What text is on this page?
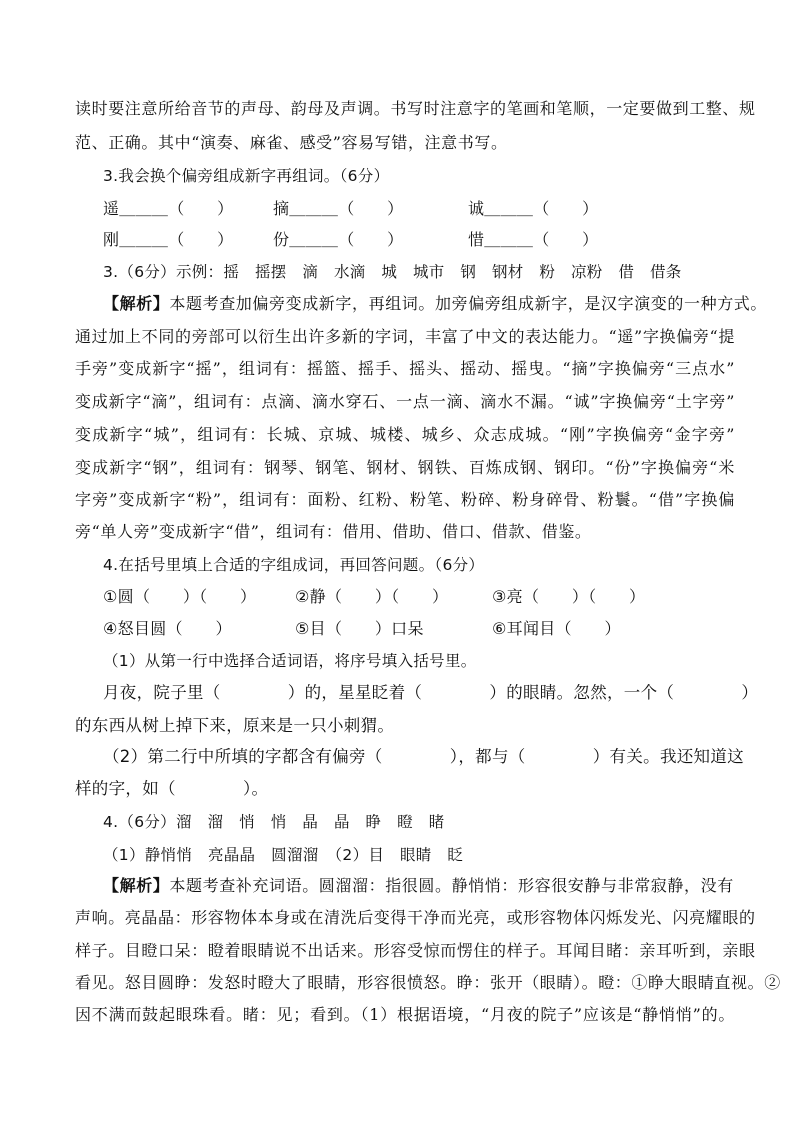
读时要注意所给音节的声母、韵母及声调。书写时注意字的笔画和笔顺，一定要做到工整、规
范、正确。其中“演奏、麻雀、感受”容易写错，注意书写。
3.我会换个偏旁组成新字再组词。（6分）
遥＿＿＿（　　）	摘＿＿＿（　　）	诚＿＿＿（　　）
刚＿＿＿（　　）	份＿＿＿（　　）	惜＿＿＿（　　）
3.（6分）示例：摇　摇摆　滴　水滴　城　城市　钢　钢材　粉　凉粉　借　借条
【解析】本题考查加偏旁变成新字，再组词。加旁偏旁组成新字，是汉字演变的一种方式。
通过加上不同的旁部可以衍生出许多新的字词，丰富了中文的表达能力。“遥”字换偏旁“提
手旁”变成新字“摇”，组词有：摇篮、摇手、摇头、摇动、摇曳。“摘”字换偏旁“三点水”
变成新字“滴”，组词有：点滴、滴水穿石、一点一滴、滴水不漏。“诚”字换偏旁“土字旁”
变成新字“城”，组词有：长城、京城、城楼、城乡、众志成城。“刚”字换偏旁“金字旁”
变成新字“钢”，组词有：钢琴、钢笔、钢材、钢铁、百炼成钢、钢印。“份”字换偏旁“米
字旁”变成新字“粉”，组词有：面粉、红粉、粉笔、粉碎、粉身碎骨、粉鬟。“借”字换偏
旁“单人旁”变成新字“借”，组词有：借用、借助、借口、借款、借鉴。
4.在括号里填上合适的字组成词，再回答问题。（6分）
①圆（　　）（　　）	②静（　　）（　　）	③亮（　　）（　　）
④怒目圆（　　）	⑤目（　　）口呆	⑥耳闻目（　　）
（1）从第一行中选择合适词语，将序号填入括号里。
月夜，院子里（　　　　）的，星星眨着（　　　　）的眼睛。忽然，一个（　　　　）
的东西从树上掉下来，原来是一只小刺猬。
（2）第二行中所填的字都含有偏旁（　　　　），都与（　　　　）有关。我还知道这
样的字，如（　　　　）。
4.（6分）溜　溜　悄　悄　晶　晶　睁　瞪　睹
（1）静悄悄　亮晶晶　圆溜溜　（2）目　眼睛　眨
【解析】本题考查补充词语。圆溜溜：指很圆。静悄悄：形容很安静与非常寂静，没有
声响。亮晶晶：形容物体本身或在清洗后变得干净而光亮，或形容物体闪烁发光、闪亮耀眼的
样子。目瞪口呆：瞪着眼睛说不出话来。形容受惊而愣住的样子。耳闻目睹：亲耳听到，亲眼
看见。怒目圆睁：发怒时瞪大了眼睛，形容很愤怒。睁：张开（眼睛）。瞪：①睁大眼睛直视。②
因不满而鼓起眼珠看。睹：见；看到。（1）根据语境，“月夜的院子”应该是“静悄悄”的。
